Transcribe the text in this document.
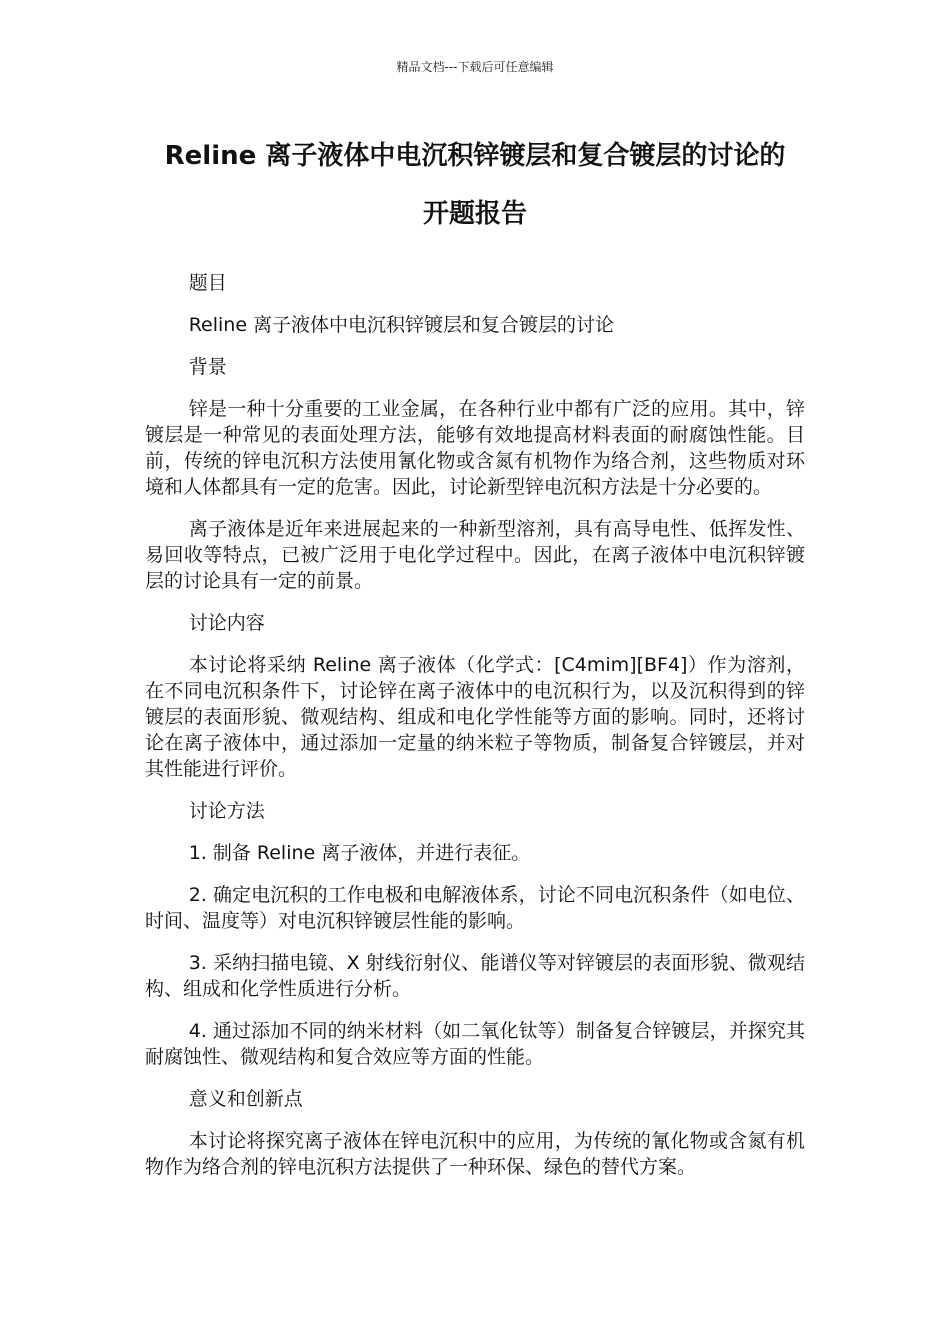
精品文档---下载后可任意编辑
Reline 离子液体中电沉积锌镀层和复合镀层的讨论的
开题报告

题目

Reline 离子液体中电沉积锌镀层和复合镀层的讨论

背景

锌是一种十分重要的工业金属，在各种行业中都有广泛的应用。其中，锌镀层是一种常见的表面处理方法，能够有效地提高材料表面的耐腐蚀性能。目前，传统的锌电沉积方法使用氰化物或含氮有机物作为络合剂，这些物质对环境和人体都具有一定的危害。因此，讨论新型锌电沉积方法是十分必要的。

离子液体是近年来进展起来的一种新型溶剂，具有高导电性、低挥发性、易回收等特点，已被广泛用于电化学过程中。因此，在离子液体中电沉积锌镀层的讨论具有一定的前景。

讨论内容

本讨论将采纳 Reline 离子液体（化学式：[C4mim][BF4]）作为溶剂，在不同电沉积条件下，讨论锌在离子液体中的电沉积行为，以及沉积得到的锌镀层的表面形貌、微观结构、组成和电化学性能等方面的影响。同时，还将讨论在离子液体中，通过添加一定量的纳米粒子等物质，制备复合锌镀层，并对其性能进行评价。

讨论方法

1. 制备 Reline 离子液体，并进行表征。

2. 确定电沉积的工作电极和电解液体系，讨论不同电沉积条件（如电位、时间、温度等）对电沉积锌镀层性能的影响。

3. 采纳扫描电镜、X 射线衍射仪、能谱仪等对锌镀层的表面形貌、微观结构、组成和化学性质进行分析。

4. 通过添加不同的纳米材料（如二氧化钛等）制备复合锌镀层，并探究其耐腐蚀性、微观结构和复合效应等方面的性能。

意义和创新点

本讨论将探究离子液体在锌电沉积中的应用，为传统的氰化物或含氮有机物作为络合剂的锌电沉积方法提供了一种环保、绿色的替代方案。
